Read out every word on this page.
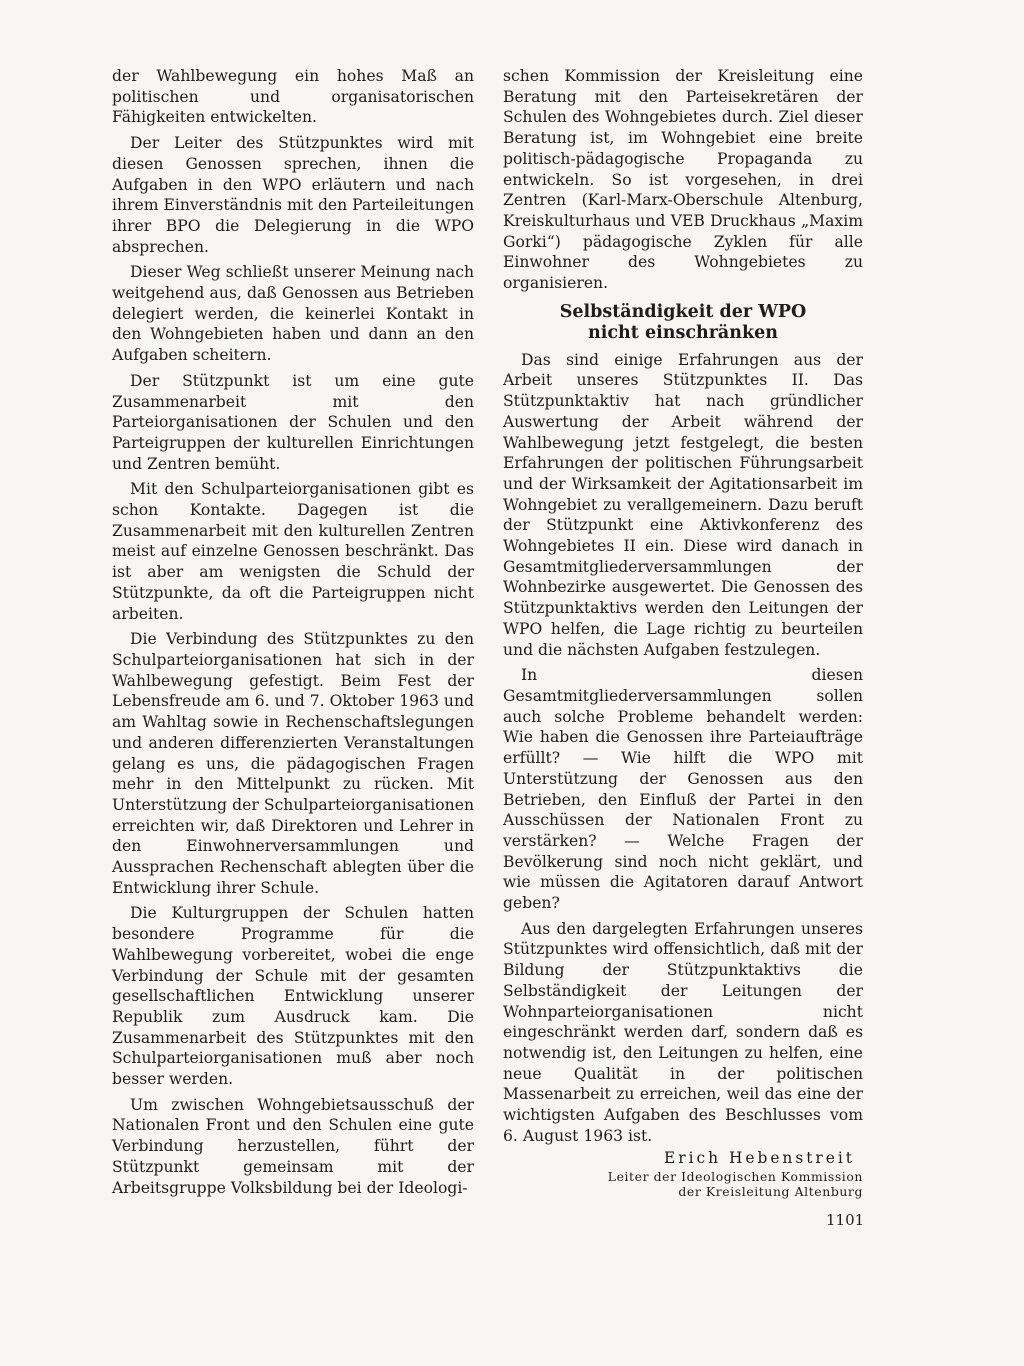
der Wahlbewegung ein hohes Maß an politischen und organisatorischen Fähigkeiten entwickelten.

Der Leiter des Stützpunktes wird mit diesen Genossen sprechen, ihnen die Aufgaben in den WPO erläutern und nach ihrem Einverständnis mit den Parteileitungen ihrer BPO die Delegierung in die WPO absprechen.

Dieser Weg schließt unserer Meinung nach weitgehend aus, daß Genossen aus Betrieben delegiert werden, die keinerlei Kontakt in den Wohngebieten haben und dann an den Aufgaben scheitern.

Der Stützpunkt ist um eine gute Zusammenarbeit mit den Parteiorganisationen der Schulen und den Parteigruppen der kulturellen Einrichtungen und Zentren bemüht.

Mit den Schulparteiorganisationen gibt es schon Kontakte. Dagegen ist die Zusammenarbeit mit den kulturellen Zentren meist auf einzelne Genossen beschränkt. Das ist aber am wenigsten die Schuld der Stützpunkte, da oft die Parteigruppen nicht arbeiten.

Die Verbindung des Stützpunktes zu den Schulparteiorganisationen hat sich in der Wahlbewegung gefestigt. Beim Fest der Lebensfreude am 6. und 7. Oktober 1963 und am Wahltag sowie in Rechenschaftslegungen und anderen differenzierten Veranstaltungen gelang es uns, die pädagogischen Fragen mehr in den Mittelpunkt zu rücken. Mit Unterstützung der Schulparteiorganisationen erreichten wir, daß Direktoren und Lehrer in den Einwohnerversammlungen und Aussprachen Rechenschaft ablegten über die Entwicklung ihrer Schule.

Die Kulturgruppen der Schulen hatten besondere Programme für die Wahlbewegung vorbereitet, wobei die enge Verbindung der Schule mit der gesamten gesellschaftlichen Entwicklung unserer Republik zum Ausdruck kam. Die Zusammenarbeit des Stützpunktes mit den Schulparteiorganisationen muß aber noch besser werden.

Um zwischen Wohngebietsausschuß der Nationalen Front und den Schulen eine gute Verbindung herzustellen, führt der Stützpunkt gemeinsam mit der Arbeitsgruppe Volksbildung bei der Ideologi-

schen Kommission der Kreisleitung eine Beratung mit den Parteisekretären der Schulen des Wohngebietes durch. Ziel dieser Beratung ist, im Wohngebiet eine breite politisch-pädagogische Propaganda zu entwickeln. So ist vorgesehen, in drei Zentren (Karl-Marx-Oberschule Altenburg, Kreiskulturhaus und VEB Druckhaus „Maxim Gorki“) pädagogische Zyklen für alle Einwohner des Wohngebietes zu organisieren.

Selbständigkeit der WPO
nicht einschränken

Das sind einige Erfahrungen aus der Arbeit unseres Stützpunktes II. Das Stützpunktaktiv hat nach gründlicher Auswertung der Arbeit während der Wahlbewegung jetzt festgelegt, die besten Erfahrungen der politischen Führungsarbeit und der Wirksamkeit der Agitationsarbeit im Wohngebiet zu verallgemeinern. Dazu beruft der Stützpunkt eine Aktivkonferenz des Wohngebietes II ein. Diese wird danach in Gesamtmitgliederversammlungen der Wohnbezirke ausgewertet. Die Genossen des Stützpunktaktivs werden den Leitungen der WPO helfen, die Lage richtig zu beurteilen und die nächsten Aufgaben festzulegen.

In diesen Gesamtmitgliederversammlungen sollen auch solche Probleme behandelt werden: Wie haben die Genossen ihre Parteiaufträge erfüllt? — Wie hilft die WPO mit Unterstützung der Genossen aus den Betrieben, den Einfluß der Partei in den Ausschüssen der Nationalen Front zu verstärken? — Welche Fragen der Bevölkerung sind noch nicht geklärt, und wie müssen die Agitatoren darauf Antwort geben?

Aus den dargelegten Erfahrungen unseres Stützpunktes wird offensichtlich, daß mit der Bildung der Stützpunktaktivs die Selbständigkeit der Leitungen der Wohnparteiorganisationen nicht eingeschränkt werden darf, sondern daß es notwendig ist, den Leitungen zu helfen, eine neue Qualität in der politischen Massenarbeit zu erreichen, weil das eine der wichtigsten Aufgaben des Beschlusses vom 6. August 1963 ist.

Erich Hebenstreit
Leiter der Ideologischen Kommission
der Kreisleitung Altenburg
1101
